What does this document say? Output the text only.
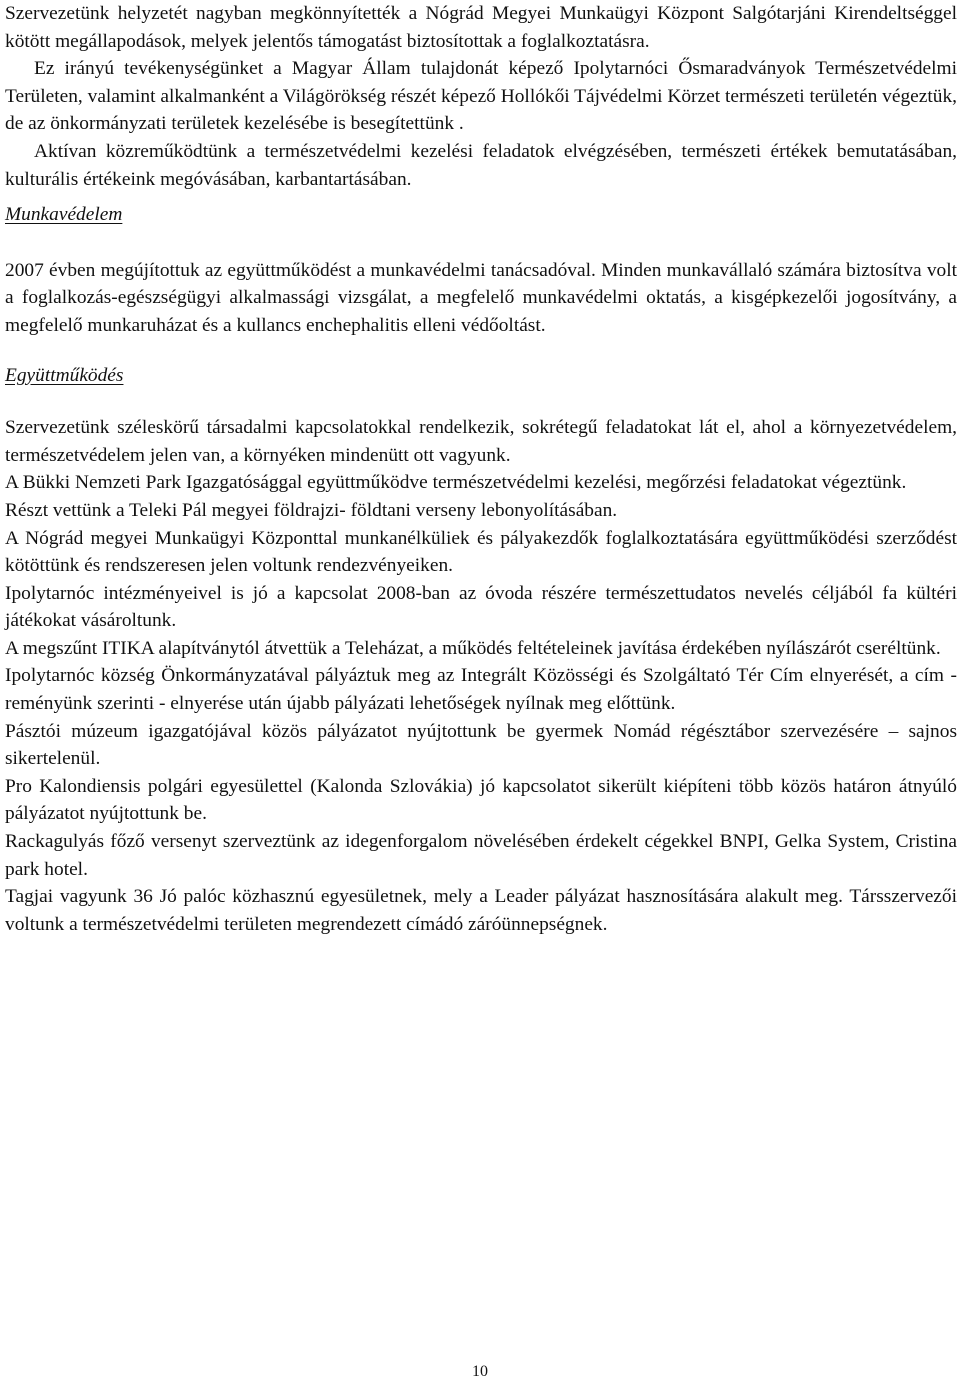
Szervezetünk helyzetét nagyban megkönnyítették a Nógrád Megyei Munkaügyi Központ Salgótarjáni Kirendeltséggel kötött megállapodások, melyek jelentős támogatást biztosítottak a foglalkoztatásra.

Ez irányú tevékenységünket a Magyar Állam tulajdonát képező Ipolytarnóci Ősmaradványok Természetvédelmi Területen, valamint alkalmanként a Világörökség részét képező Hollókői Tájvédelmi Körzet természeti területén végeztük, de az önkormányzati területek kezelésébe is besegítettünk .

Aktívan közreműködtünk a természetvédelmi kezelési feladatok elvégzésében, természeti értékek bemutatásában, kulturális értékeink megóvásában, karbantartásában.

Munkavédelem

2007 évben megújítottuk az együttműködést a munkavédelmi tanácsadóval. Minden munkavállaló számára biztosítva volt a foglalkozás-egészségügyi alkalmassági vizsgálat, a megfelelő munkavédelmi oktatás, a kisgépkezelői jogosítvány, a megfelelő munkaruházat és a kullancs enchephalitis elleni védőoltást.

Együttműködés

Szervezetünk széleskörű társadalmi kapcsolatokkal rendelkezik, sokrétegű feladatokat lát el, ahol a környezetvédelem, természetvédelem jelen van, a környéken mindenütt ott vagyunk.

A Bükki Nemzeti Park Igazgatósággal együttműködve természetvédelmi kezelési, megőrzési feladatokat végeztünk.

Részt vettünk a Teleki Pál megyei földrajzi- földtani verseny lebonyolításában.

A Nógrád megyei Munkaügyi Központtal munkanélküliek és pályakezdők foglalkoztatására együttműködési szerződést kötöttünk és rendszeresen jelen voltunk rendezvényeiken.

Ipolytarnóc intézményeivel is jó a kapcsolat 2008-ban az óvoda részére természettudatos nevelés céljából fa kültéri játékokat vásároltunk.

A megszűnt ITIKA alapítványtól átvettük a Teleházat, a működés feltételeinek javítása érdekében nyílászárót cseréltünk.

Ipolytarnóc község Önkormányzatával pályáztuk meg az Integrált Közösségi és Szolgáltató Tér Cím elnyerését, a cím - reményünk szerinti - elnyerése után újabb pályázati lehetőségek nyílnak meg előttünk.

Pásztói múzeum igazgatójával közös pályázatot nyújtottunk be gyermek Nomád régésztábor szervezésére – sajnos sikertelenül.

Pro Kalondiensis polgári egyesülettel (Kalonda Szlovákia) jó kapcsolatot sikerült kiépíteni több közös határon átnyúló pályázatot nyújtottunk be.

Rackagulyás főző versenyt szerveztünk az idegenforgalom növelésében érdekelt cégekkel BNPI, Gelka System, Cristina park hotel.

Tagjai vagyunk 36 Jó palóc közhasznú egyesületnek, mely a Leader pályázat hasznosítására alakult meg. Társszervezői voltunk a természetvédelmi területen megrendezett címádó záróünnepségnek.

10
